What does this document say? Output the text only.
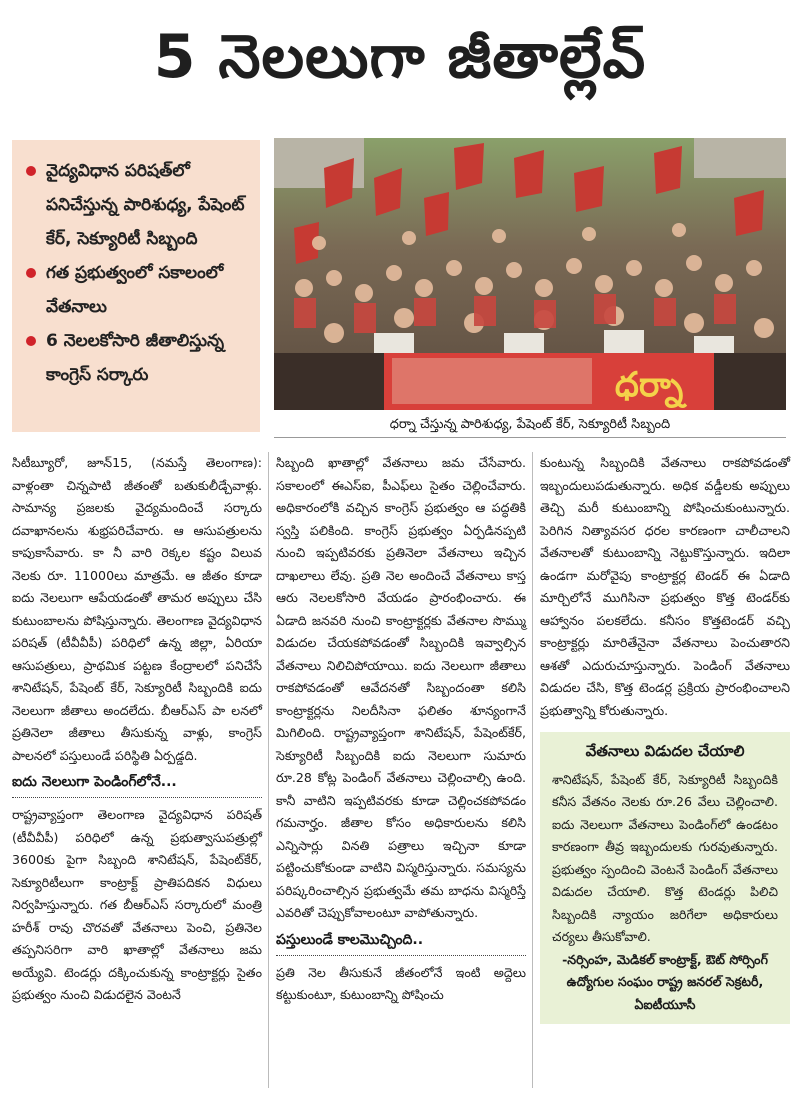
5 నెలలుగా జీతాల్లేవ్
వైద్యవిధాన పరిషత్‌లో పనిచేస్తున్న పారిశుధ్య, పేషెంట్ కేర్, సెక్యూరిటీ సిబ్బంది
గత ప్రభుత్వంలో సకాలంలో వేతనాలు
6 నెలలకోసారి జీతాలిస్తున్న కాంగ్రెస్ సర్కారు	ధర్నా
ధర్నా చేస్తున్న పారిశుధ్య, పేషెంట్ కేర్, సెక్యూరిటీ సిబ్బంది

సిటీబ్యూరో, జూన్15, (నమస్తే తెలంగాణ): వాళ్లంతా చిన్నపాటి జీతంతో బతుకులీడ్చేవాళ్లు. సామాన్య ప్రజలకు వైద్యమందించే సర్కారు దవాఖానలను శుభ్రపరిచేవారు. ఆ ఆసుపత్రులను కాపుకాసేవారు. కా నీ వారి రెక్కల కష్టం విలువ నెలకు రూ. 11000లు మాత్రమే. ఆ జీతం కూడా ఐదు నెలలుగా ఆపేయడంతో తామర అప్పులు చేసి కుటుంబాలను పోషిస్తున్నారు. తెలంగాణ వైద్యవిధాన పరిషత్ (టీవీవీపీ) పరిధిలో ఉన్న జిల్లా, ఏరియా ఆసుపత్రులు, ప్రాథమిక పట్టణ కేంద్రాలలో పనిచేసే శానిటేషన్, పేషెంట్ కేర్, సెక్యూరిటీ సిబ్బందికి ఐదు నెలలుగా జీతాలు అందలేదు. బీఆర్ఎస్ పా లనలో ప్రతినెలా జీతాలు తీసుకున్న వాళ్లు, కాంగ్రెస్ పాలనలో పస్తులుండే పరిస్థితి ఏర్పడ్డది.

ఐదు నెలలుగా పెండింగ్‌లోనే...

రాష్ట్రవ్యాప్తంగా తెలంగాణ వైద్యవిధాన పరిషత్ (టీవీవీపీ) పరిధిలో ఉన్న ప్రభుత్వాసుపత్రుల్లో 3600కు పైగా సిబ్బంది శానిటేషన్, పేషెంట్‌కేర్, సెక్యూరిటీలుగా కాంట్రాక్ట్ ప్రాతిపదికన విధులు నిర్వహిస్తున్నారు. గత బీఆర్ఎస్ సర్కారులో మంత్రి హరీశ్ రావు చొరవతో వేతనాలు పెంచి, ప్రతినెల తప్పనిసరిగా వారి ఖాతాల్లో వేతనాలు జమ అయ్యేవి. టెండర్లు దక్కించుకున్న కాంట్రాక్టర్లు సైతం ప్రభుత్వం నుంచి విడుదలైన వెంటనే

సిబ్బంది ఖాతాల్లో వేతనాలు జమ చేసేవారు. సకాలంలో ఈఎస్ఐ, పీఎఫ్‌లు సైతం చెల్లించేవారు. అధికారంలోకి వచ్చిన కాంగ్రెస్ ప్రభుత్వం ఆ పద్ధతికి స్వస్తి పలికింది. కాంగ్రెస్ ప్రభుత్వం ఏర్పడినప్పటి నుంచి ఇప్పటివరకు ప్రతినెలా వేతనాలు ఇచ్చిన దాఖలాలు లేవు. ప్రతి నెల అందించే వేతనాలు కాస్త ఆరు నెలలకోసారి వేయడం ప్రారంభించారు. ఈ ఏడాది జనవరి నుంచి కాంట్రాక్టర్లకు వేతనాల సొమ్ము విడుదల చేయకపోవడంతో సిబ్బందికి ఇవ్వాల్సిన వేతనాలు నిలిచిపోయాయి. ఐదు నెలలుగా జీతాలు రాకపోవడంతో ఆవేదనతో సిబ్బందంతా కలిసి కాంట్రాక్టర్లను నిలదీసినా ఫలితం శూన్యంగానే మిగిలింది. రాష్ట్రవ్యాప్తంగా శానిటేషన్, పేషెంట్‌కేర్, సెక్యూరిటీ సిబ్బందికి ఐదు నెలలుగా సుమారు రూ.28 కోట్ల పెండింగ్ వేతనాలు చెల్లించాల్సి ఉంది. కానీ వాటిని ఇప్పటివరకు కూడా చెల్లించకపోవడం గమనార్హం. జీతాల కోసం అధికారులను కలిసి ఎన్నిసార్లు వినతి పత్రాలు ఇచ్చినా కూడా పట్టించుకోకుండా వాటిని విస్మరిస్తున్నారు. సమస్యను పరిష్కరించాల్సిన ప్రభుత్వమే తమ బాధను విస్మరిస్తే ఎవరితో చెప్పుకోవాలంటూ వాపోతున్నారు.

పస్తులుండే కాలమొచ్చింది..

ప్రతి నెల తీసుకునే జీతంలోనే ఇంటి అద్దెలు కట్టుకుంటూ, కుటుంబాన్ని పోషించు

కుంటున్న సిబ్బందికి వేతనాలు రాకపోవడంతో ఇబ్బందులుపడుతున్నారు. అధిక వడ్డీలకు అప్పులు తెచ్చి మరీ కుటుంబాన్ని పోషించుకుంటున్నారు. పెరిగిన నిత్యావసర ధరల కారణంగా చాలీచాలని వేతనాలతో కుటుంబాన్ని నెట్టుకొస్తున్నారు. ఇదిలా ఉండగా మరోవైపు కాంట్రాక్టర్ల టెండర్ ఈ ఏడాది మార్చిలోనే ముగిసినా ప్రభుత్వం కొత్త టెండర్‌కు ఆహ్వానం పలకలేదు. కనీసం కొత్తటెండర్ వచ్చి కాంట్రాక్టర్లు మారితేనైనా వేతనాలు పెంచుతారని ఆశతో ఎదురుచూస్తున్నారు. పెండింగ్ వేతనాలు విడుదల చేసి, కొత్త టెండర్ల ప్రక్రియ ప్రారంభించాలని ప్రభుత్వాన్ని కోరుతున్నారు.

వేతనాలు విడుదల చేయాలి

శానిటేషన్, పేషెంట్ కేర్, సెక్యూరిటీ సిబ్బందికి కనీస వేతనం నెలకు రూ.26 వేలు చెల్లించాలి. ఐదు నెలలుగా వేతనాలు పెండింగ్‌లో ఉండటం కారణంగా తీవ్ర ఇబ్బందులకు గురవుతున్నారు. ప్రభుత్వం స్పందించి వెంటనే పెండింగ్ వేతనాలు విడుదల చేయాలి. కొత్త టెండర్లు పిలిచి సిబ్బందికి న్యాయం జరిగేలా అధికారులు చర్యలు తీసుకోవాలి.

-నర్సింహ, మెడికల్ కాంట్రాక్ట్, ఔట్ సోర్సింగ్ ఉద్యోగుల సంఘం రాష్ట్ర జనరల్ సెక్రటరీ, ఏఐటీయూసీ
